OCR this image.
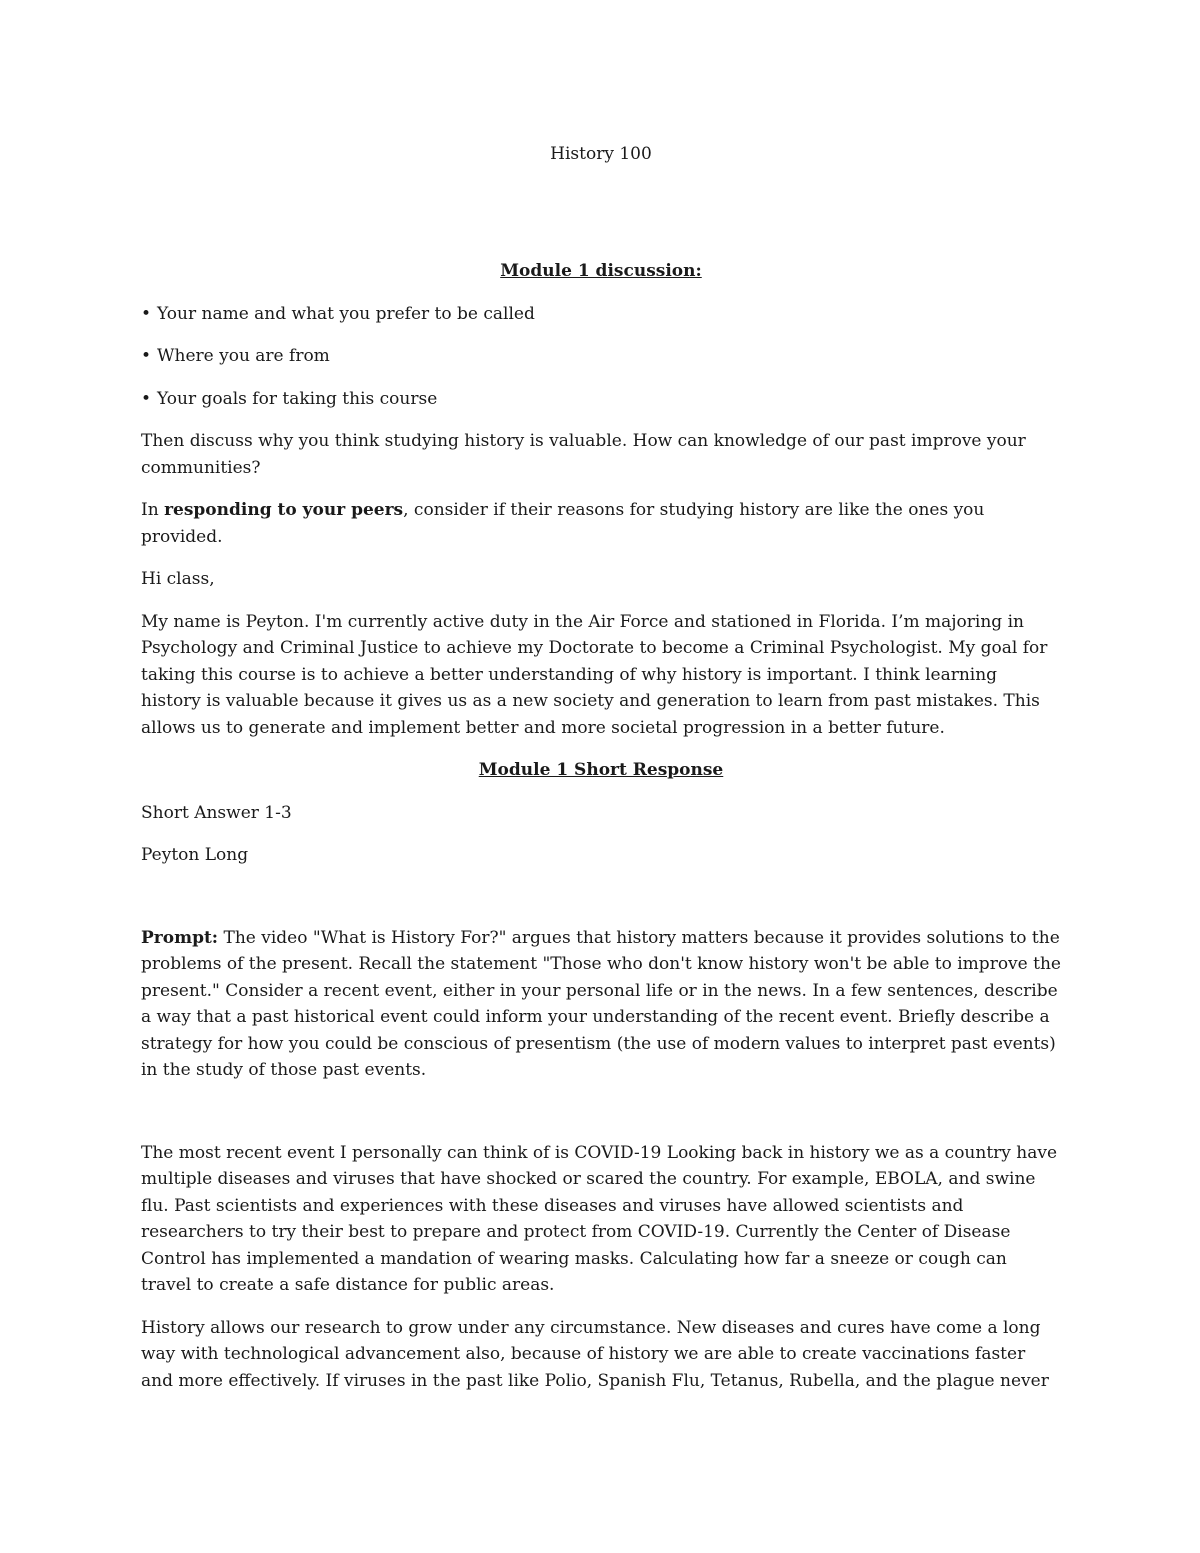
History 100

Module 1 discussion:

• Your name and what you prefer to be called

• Where you are from

• Your goals for taking this course

Then discuss why you think studying history is valuable. How can knowledge of our past improve your communities?

In responding to your peers, consider if their reasons for studying history are like the ones you provided.

Hi class,

My name is Peyton. I'm currently active duty in the Air Force and stationed in Florida. I’m majoring in Psychology and Criminal Justice to achieve my Doctorate to become a Criminal Psychologist. My goal for taking this course is to achieve a better understanding of why history is important. I think learning history is valuable because it gives us as a new society and generation to learn from past mistakes. This allows us to generate and implement better and more societal progression in a better future.

Module 1 Short Response

Short Answer 1-3

Peyton Long

Prompt: The video "What is History For?" argues that history matters because it provides solutions to the problems of the present. Recall the statement "Those who don't know history won't be able to improve the present." Consider a recent event, either in your personal life or in the news. In a few sentences, describe a way that a past historical event could inform your understanding of the recent event. Briefly describe a strategy for how you could be conscious of presentism (the use of modern values to interpret past events) in the study of those past events.

The most recent event I personally can think of is COVID-19 Looking back in history we as a country have multiple diseases and viruses that have shocked or scared the country. For example, EBOLA, and swine flu. Past scientists and experiences with these diseases and viruses have allowed scientists and researchers to try their best to prepare and protect from COVID-19. Currently the Center of Disease Control has implemented a mandation of wearing masks. Calculating how far a sneeze or cough can travel to create a safe distance for public areas.

History allows our research to grow under any circumstance. New diseases and cures have come a long way with technological advancement also, because of history we are able to create vaccinations faster and more effectively. If viruses in the past like Polio, Spanish Flu, Tetanus, Rubella, and the plague never
